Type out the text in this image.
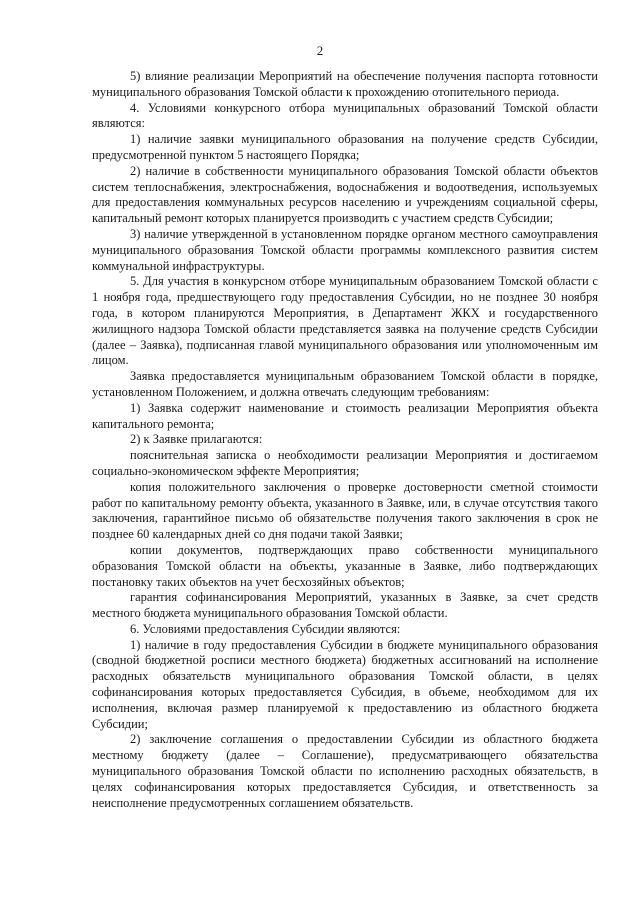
2

5) влияние реализации Мероприятий на обеспечение получения паспорта готовности муниципального образования Томской области к прохождению отопительного периода.

4. Условиями конкурсного отбора муниципальных образований Томской области являются:

1) наличие заявки муниципального образования на получение средств Субсидии, предусмотренной пунктом 5 настоящего Порядка;

2) наличие в собственности муниципального образования Томской области объектов систем теплоснабжения, электроснабжения, водоснабжения и водоотведения, используемых для предоставления коммунальных ресурсов населению и учреждениям социальной сферы, капитальный ремонт которых планируется производить с участием средств Субсидии;

3) наличие утвержденной в установленном порядке органом местного самоуправления муниципального образования Томской области программы комплексного развития систем коммунальной инфраструктуры.

5. Для участия в конкурсном отборе муниципальным образованием Томской области с 1 ноября года, предшествующего году предоставления Субсидии, но не позднее 30 ноября года, в котором планируются Мероприятия, в Департамент ЖКХ и государственного жилищного надзора Томской области представляется заявка на получение средств Субсидии (далее – Заявка), подписанная главой муниципального образования или уполномоченным им лицом.

Заявка предоставляется муниципальным образованием Томской области в порядке, установленном Положением, и должна отвечать следующим требованиям:

1) Заявка содержит наименование и стоимость реализации Мероприятия объекта капитального ремонта;

2) к Заявке прилагаются:

пояснительная записка о необходимости реализации Мероприятия и достигаемом социально-экономическом эффекте Мероприятия;

копия положительного заключения о проверке достоверности сметной стоимости работ по капитальному ремонту объекта, указанного в Заявке, или, в случае отсутствия такого заключения, гарантийное письмо об обязательстве получения такого заключения в срок не позднее 60 календарных дней со дня подачи такой Заявки;

копии документов, подтверждающих право собственности муниципального образования Томской области на объекты, указанные в Заявке, либо подтверждающих постановку таких объектов на учет бесхозяйных объектов;

гарантия софинансирования Мероприятий, указанных в Заявке, за счет средств местного бюджета муниципального образования Томской области.

6. Условиями предоставления Субсидии являются:

1) наличие в году предоставления Субсидии в бюджете муниципального образования (сводной бюджетной росписи местного бюджета) бюджетных ассигнований на исполнение расходных обязательств муниципального образования Томской области, в целях софинансирования которых предоставляется Субсидия, в объеме, необходимом для их исполнения, включая размер планируемой к предоставлению из областного бюджета Субсидии;

2) заключение соглашения о предоставлении Субсидии из областного бюджета местному бюджету (далее – Соглашение), предусматривающего обязательства муниципального образования Томской области по исполнению расходных обязательств, в целях софинансирования которых предоставляется Субсидия, и ответственность за неисполнение предусмотренных соглашением обязательств.
